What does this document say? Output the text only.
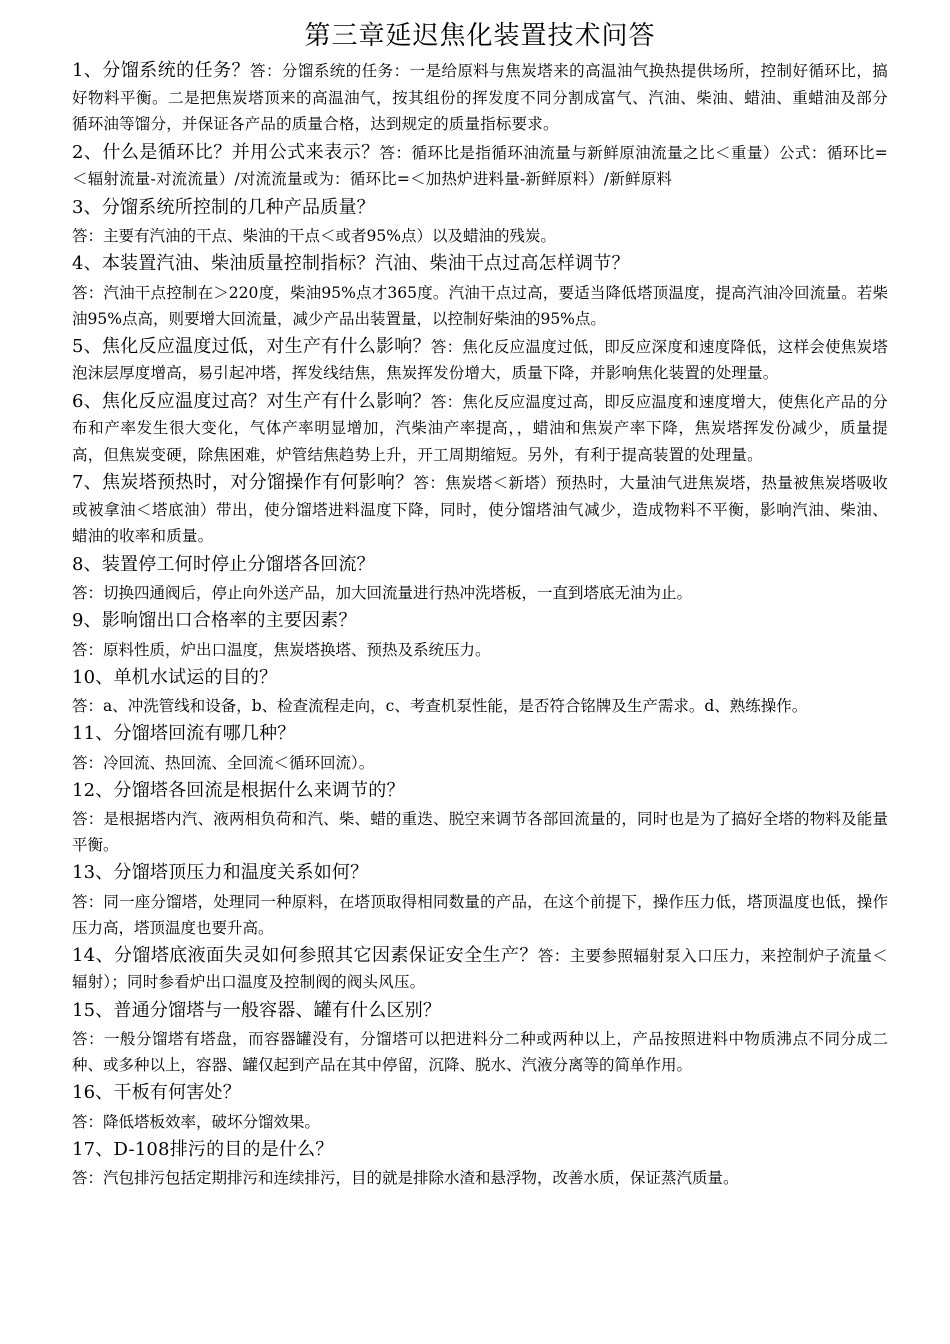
第三章延迟焦化装置技术问答

1、分馏系统的任务？答：分馏系统的任务：一是给原料与焦炭塔来的高温油气换热提供场所，控制好循环比，搞好物料平衡。二是把焦炭塔顶来的高温油气，按其组份的挥发度不同分割成富气、汽油、柴油、蜡油、重蜡油及部分循环油等馏分，并保证各产品的质量合格，达到规定的质量指标要求。

2、什么是循环比？并用公式来表示？答：循环比是指循环油流量与新鲜原油流量之比＜重量）公式：循环比=＜辐射流量-对流流量）/对流流量或为：循环比=＜加热炉进料量-新鲜原料）/新鲜原料

3、分馏系统所控制的几种产品质量？

答：主要有汽油的干点、柴油的干点＜或者95%点）以及蜡油的残炭。

4、本装置汽油、柴油质量控制指标？汽油、柴油干点过高怎样调节？

答：汽油干点控制在＞220度，柴油95%点才365度。汽油干点过高，要适当降低塔顶温度，提高汽油冷回流量。若柴油95%点高，则要增大回流量，减少产品出装置量，以控制好柴油的95%点。

5、焦化反应温度过低，对生产有什么影响？答：焦化反应温度过低，即反应深度和速度降低，这样会使焦炭塔泡沫层厚度增高，易引起冲塔，挥发线结焦，焦炭挥发份增大，质量下降，并影响焦化装置的处理量。

6、焦化反应温度过高？对生产有什么影响？答：焦化反应温度过高，即反应温度和速度增大，使焦化产品的分布和产率发生很大变化，气体产率明显增加，汽柴油产率提高，，蜡油和焦炭产率下降，焦炭塔挥发份减少，质量提高，但焦炭变硬，除焦困难，炉管结焦趋势上升，开工周期缩短。另外，有利于提高装置的处理量。

7、焦炭塔预热时，对分馏操作有何影响？答：焦炭塔＜新塔）预热时，大量油气进焦炭塔，热量被焦炭塔吸收或被拿油＜塔底油）带出，使分馏塔进料温度下降，同时，使分馏塔油气减少，造成物料不平衡，影响汽油、柴油、蜡油的收率和质量。

8、装置停工何时停止分馏塔各回流？

答：切换四通阀后，停止向外送产品，加大回流量进行热冲洗塔板，一直到塔底无油为止。

9、影响馏出口合格率的主要因素？

答：原料性质，炉出口温度，焦炭塔换塔、预热及系统压力。

10、单机水试运的目的？

答：a、冲洗管线和设备，b、检查流程走向，c、考查机泵性能，是否符合铭牌及生产需求。d、熟练操作。

11、分馏塔回流有哪几种？

答：冷回流、热回流、全回流＜循环回流）。

12、分馏塔各回流是根据什么来调节的？

答：是根据塔内汽、液两相负荷和汽、柴、蜡的重迭、脱空来调节各部回流量的，同时也是为了搞好全塔的物料及能量平衡。

13、分馏塔顶压力和温度关系如何？

答：同一座分馏塔，处理同一种原料，在塔顶取得相同数量的产品，在这个前提下，操作压力低，塔顶温度也低，操作压力高，塔顶温度也要升高。

14、分馏塔底液面失灵如何参照其它因素保证安全生产？答：主要参照辐射泵入口压力，来控制炉子流量＜辐射）；同时参看炉出口温度及控制阀的阀头风压。

15、普通分馏塔与一般容器、罐有什么区别？

答：一般分馏塔有塔盘，而容器罐没有，分馏塔可以把进料分二种或两种以上，产品按照进料中物质沸点不同分成二种、或多种以上，容器、罐仅起到产品在其中停留，沉降、脱水、汽液分离等的简单作用。

16、干板有何害处？

答：降低塔板效率，破坏分馏效果。

17、D-108排污的目的是什么？

答：汽包排污包括定期排污和连续排污，目的就是排除水渣和悬浮物，改善水质，保证蒸汽质量。
